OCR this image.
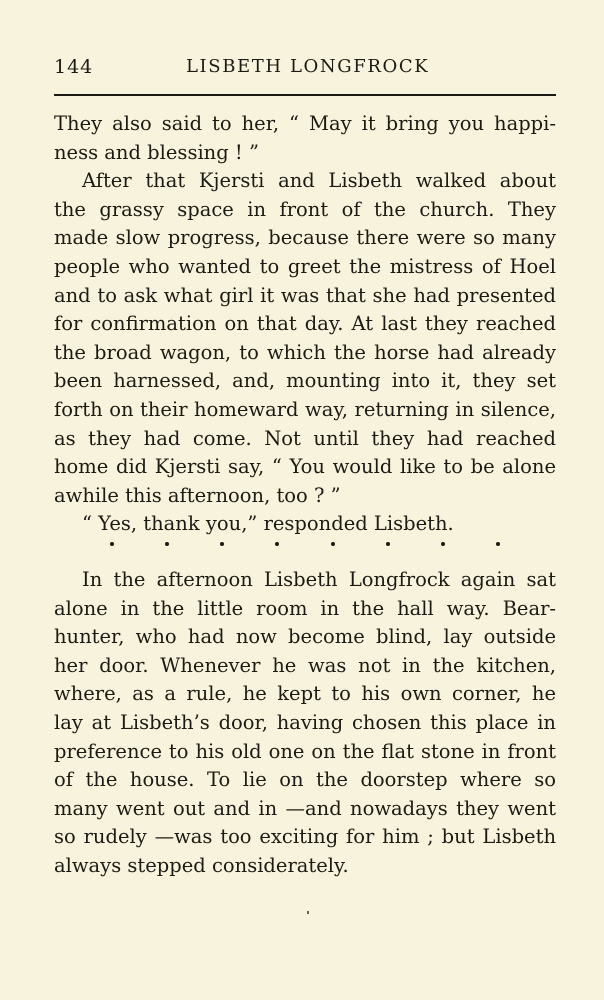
144	LISBETH LONGFROCK
They also said to her, “ May it bring you happi-
ness and blessing ! ”
After that Kjersti and Lisbeth walked about
the grassy space in front of the church. They
made slow progress, because there were so many
people who wanted to greet the mistress of Hoel
and to ask what girl it was that she had presented
for confirmation on that day. At last they reached
the broad wagon, to which the horse had already
been harnessed, and, mounting into it, they set
forth on their homeward way, returning in silence,
as they had come. Not until they had reached
home did Kjersti say, “ You would like to be alone
awhile this afternoon, too ? ”
“ Yes, thank you,” responded Lisbeth.
In the afternoon Lisbeth Longfrock again sat
alone in the little room in the hall way. Bear-
hunter, who had now become blind, lay outside
her door. Whenever he was not in the kitchen,
where, as a rule, he kept to his own corner, he
lay at Lisbeth’s door, having chosen this place in
preference to his old one on the flat stone in front
of the house. To lie on the doorstep where so
many went out and in —and nowadays they went
so rudely —was too exciting for him ; but Lisbeth
always stepped considerately.
